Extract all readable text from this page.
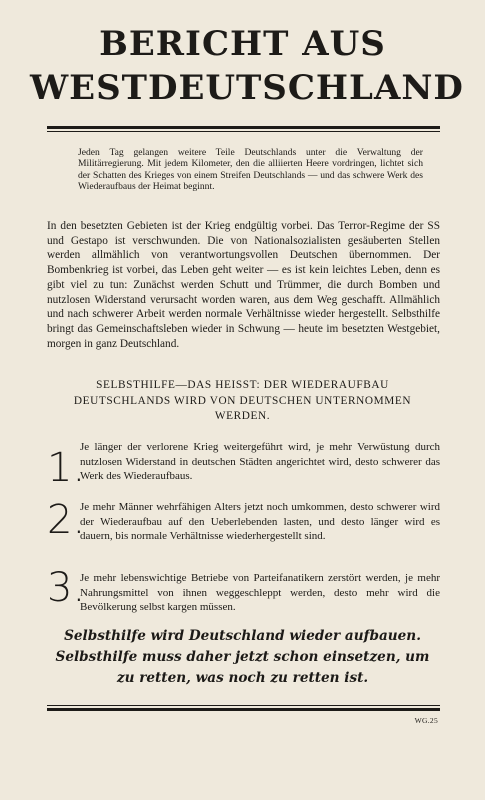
BERICHT AUS
WESTDEUTSCHLAND
Jeden Tag gelangen weitere Teile Deutschlands unter die Verwaltung der Militärregierung. Mit jedem Kilometer, den die alliierten Heere vordringen, lichtet sich der Schatten des Krieges von einem Streifen Deutschlands — und das schwere Werk des Wiederaufbaus der Heimat beginnt.
In den besetzten Gebieten ist der Krieg endgültig vorbei. Das Terror-Regime der SS und Gestapo ist verschwunden. Die von Nationalsozialisten gesäuberten Stellen werden allmählich von verantwortungsvollen Deutschen übernommen. Der Bombenkrieg ist vorbei, das Leben geht weiter — es ist kein leichtes Leben, denn es gibt viel zu tun: Zunächst werden Schutt und Trümmer, die durch Bomben und nutzlosen Widerstand verursacht worden waren, aus dem Weg geschafft. Allmählich und nach schwerer Arbeit werden normale Verhältnisse wieder hergestellt. Selbsthilfe bringt das Gemeinschaftsleben wieder in Schwung — heute im besetzten Westgebiet, morgen in ganz Deutschland.
SELBSTHILFE—DAS HEISST: DER WIEDERAUFBAU DEUTSCHLANDS WIRD VON DEUTSCHEN UNTERNOMMEN WERDEN.
1.
Je länger der verlorene Krieg weitergeführt wird, je mehr Verwüstung durch nutzlosen Widerstand in deutschen Städten angerichtet wird, desto schwerer das Werk des Wiederaufbaus.
2.
Je mehr Männer wehrfähigen Alters jetzt noch umkommen, desto schwerer wird der Wiederaufbau auf den Ueberlebenden lasten, und desto länger wird es dauern, bis normale Verhältnisse wiederhergestellt sind.
3.
Je mehr lebenswichtige Betriebe von Parteifanatikern zerstört werden, je mehr Nahrungsmittel von ihnen weggeschleppt werden, desto mehr wird die Bevölkerung selbst kargen müssen.
Selbsthilfe wird Deutschland wieder aufbauen.
Selbsthilfe muss daher jetzt schon einsetzen, um
zu retten, was noch zu retten ist.
WG.25
